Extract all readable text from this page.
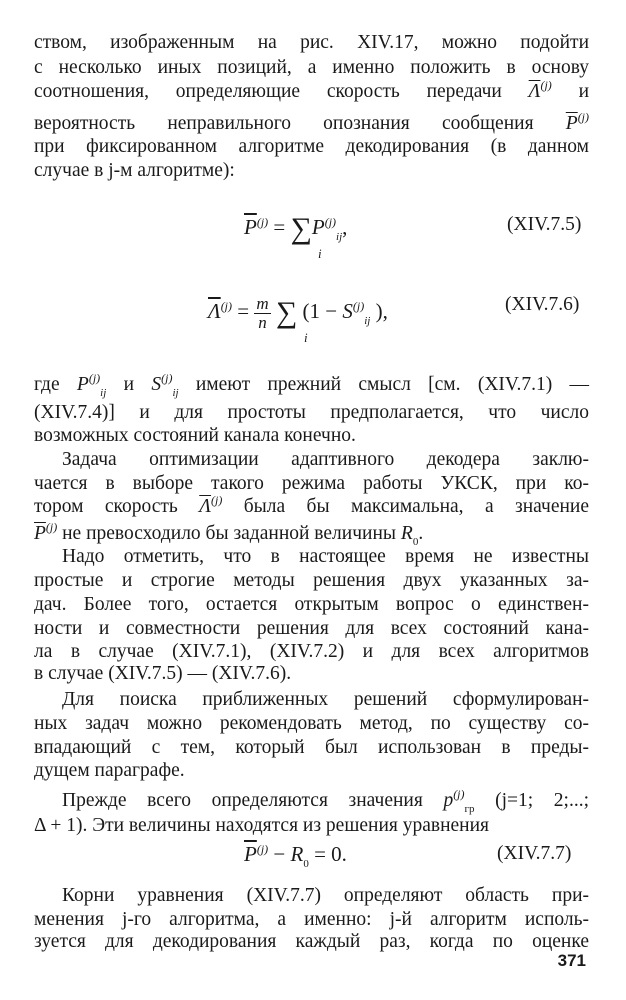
ством, изображенным на рис. XIV.17, можно подойти
с несколько иных позиций, а именно положить в основу
соотношения, определяющие скорость передачи $\overline{\Lambda}^{(j)}$ и
вероятность неправильного опознания сообщения $\overline{P}^{(j)}$
при фиксированном алгоритме декодирования (в данном
случае в j-м алгоритме):
$\overline{P}^{(j)}$ = ∑
i
$P^{(j)}_{ij}$,	(XIV.7.5)
$\overline{\Lambda}^{(j)} = \frac{m}{n}$ ∑
i
($1 - S^{(j)}_{ij}$ ),	(XIV.7.6)
где $P^{(j)}_{ij}$ и $S^{(j)}_{ij}$ имеют прежний смысл [см. (XIV.7.1) —
(XIV.7.4)] и для простоты предполагается, что число
возможных состояний канала конечно.
Задача оптимизации адаптивного декодера заклю-
чается в выборе такого режима работы УКСК, при ко-
тором скорость $\overline{\Lambda}^{(j)}$ была бы максимальна, а значение
$\overline{P}^{(j)}$ не превосходило бы заданной величины $R_0$.
Надо отметить, что в настоящее время не известны
простые и строгие методы решения двух указанных за-
дач. Более того, остается открытым вопрос о единствен-
ности и совместности решения для всех состояний кана-
ла в случае (XIV.7.1), (XIV.7.2) и для всех алгоритмов
в случае (XIV.7.5) — (XIV.7.6).
Для поиска приближенных решений сформулирован-
ных задач можно рекомендовать метод, по существу со-
впадающий с тем, который был использован в преды-
дущем параграфе.
Прежде всего определяются значения $p^{(j)}_{гр}$ (j=1; 2;...;
Δ + 1). Эти величины находятся из решения уравнения
$\overline{P}^{(j)} - R_0 = 0$.	(XIV.7.7)
Корни уравнения (XIV.7.7) определяют область при-
менения j-го алгоритма, а именно: j-й алгоритм исполь-
зуется для декодирования каждый раз, когда по оценке
371
